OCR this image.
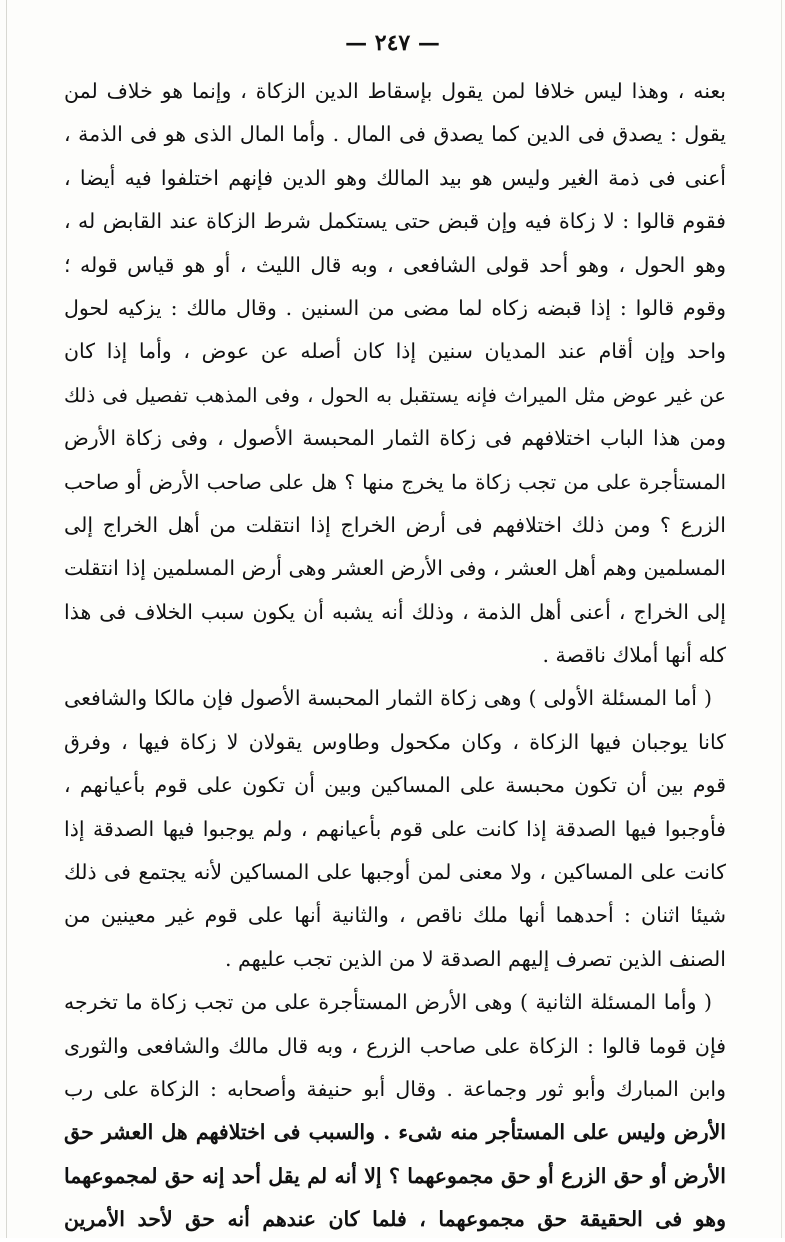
— ٢٤٧ —
بعنه ، وهذا ليس خلافا لمن يقول بإسقاط الدين الزكاة ، وإنما هو خلاف لمن
يقول : يصدق فى الدين كما يصدق فى المال . وأما المال الذى هو فى الذمة ،
أعنى فى ذمة الغير وليس هو بيد المالك وهو الدين فإنهم اختلفوا فيه أيضا ،
فقوم قالوا : لا زكاة فيه وإن قبض حتى يستكمل شرط الزكاة عند القابض له ،
وهو الحول ، وهو أحد قولى الشافعى ، وبه قال الليث ، أو هو قياس قوله ؛
وقوم قالوا : إذا قبضه زكاه لما مضى من السنين . وقال مالك : يزكيه لحول
واحد وإن أقام عند المديان سنين إذا كان أصله عن عوض ، وأما إذا كان
عن غير عوض مثل الميراث فإنه يستقبل به الحول ، وفى المذهب تفصيل فى ذلك
ومن هذا الباب اختلافهم فى زكاة الثمار المحبسة الأصول ، وفى زكاة الأرض
المستأجرة على من تجب زكاة ما يخرج منها ؟ هل على صاحب الأرض أو صاحب
الزرع ؟ ومن ذلك اختلافهم فى أرض الخراج إذا انتقلت من أهل الخراج إلى
المسلمين وهم أهل العشر ، وفى الأرض العشر وهى أرض المسلمين إذا انتقلت
إلى الخراج ، أعنى أهل الذمة ، وذلك أنه يشبه أن يكون سبب الخلاف فى هذا
كله أنها أملاك ناقصة .
( أما المسئلة الأولى ) وهى زكاة الثمار المحبسة الأصول فإن مالكا والشافعى
كانا يوجبان فيها الزكاة ، وكان مكحول وطاوس يقولان لا زكاة فيها ، وفرق
قوم بين أن تكون محبسة على المساكين وبين أن تكون على قوم بأعيانهم ،
فأوجبوا فيها الصدقة إذا كانت على قوم بأعيانهم ، ولم يوجبوا فيها الصدقة إذا
كانت على المساكين ، ولا معنى لمن أوجبها على المساكين لأنه يجتمع فى ذلك
شيئا اثنان : أحدهما أنها ملك ناقص ، والثانية أنها على قوم غير معينين من
الصنف الذين تصرف إليهم الصدقة لا من الذين تجب عليهم .
( وأما المسئلة الثانية ) وهى الأرض المستأجرة على من تجب زكاة ما تخرجه
فإن قوما قالوا : الزكاة على صاحب الزرع ، وبه قال مالك والشافعى والثورى
وابن المبارك وأبو ثور وجماعة . وقال أبو حنيفة وأصحابه : الزكاة على رب
الأرض وليس على المستأجر منه شىء . والسبب فى اختلافهم هل العشر حق
الأرض أو حق الزرع أو حق مجموعهما ؟ إلا أنه لم يقل أحد إنه حق لمجموعهما
وهو فى الحقيقة حق مجموعهما ، فلما كان عندهم أنه حق لأحد الأمرين
